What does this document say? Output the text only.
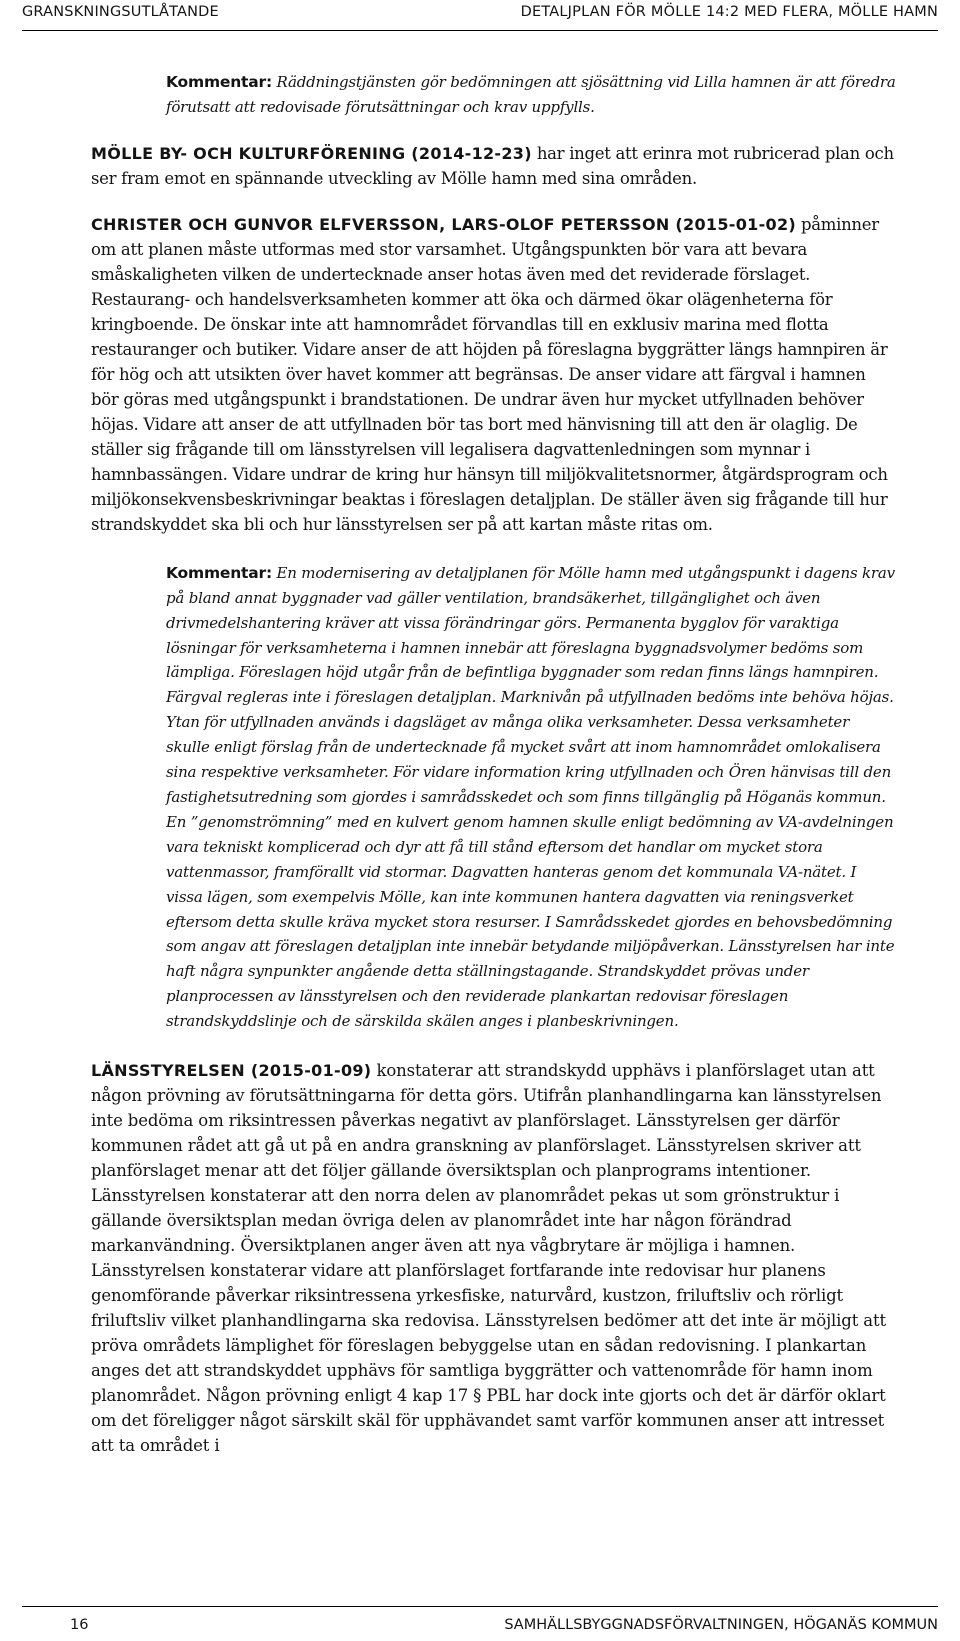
GRANSKNINGSUTLÅTANDE	DETALJPLAN FÖR MÖLLE 14:2 MED FLERA, MÖLLE HAMN
Kommentar: Räddningstjänsten gör bedömningen att sjösättning vid Lilla hamnen är att föredra förutsatt att redovisade förutsättningar och krav uppfylls.
MÖLLE BY- OCH KULTURFÖRENING (2014-12-23) har inget att erinra mot rubricerad plan och ser fram emot en spännande utveckling av Mölle hamn med sina områden.
CHRISTER OCH GUNVOR ELFVERSSON, LARS-OLOF PETERSSON (2015-01-02) påminner om att planen måste utformas med stor varsamhet. Utgångspunkten bör vara att bevara småskaligheten vilken de undertecknade anser hotas även med det reviderade förslaget. Restaurang- och handelsverksamheten kommer att öka och därmed ökar olägenheterna för kringboende. De önskar inte att hamnområdet förvandlas till en exklusiv marina med flotta restauranger och butiker. Vidare anser de att höjden på föreslagna byggrätter längs hamnpiren är för hög och att utsikten över havet kommer att begränsas. De anser vidare att färgval i hamnen bör göras med utgångspunkt i brandstationen. De undrar även hur mycket utfyllnaden behöver höjas. Vidare att anser de att utfyllnaden bör tas bort med hänvisning till att den är olaglig. De ställer sig frågande till om länsstyrelsen vill legalisera dagvattenledningen som mynnar i hamnbassängen. Vidare undrar de kring hur hänsyn till miljökvalitetsnormer, åtgärdsprogram och miljökonsekvensbeskrivningar beaktas i föreslagen detaljplan. De ställer även sig frågande till hur strandskyddet ska bli och hur länsstyrelsen ser på att kartan måste ritas om.
Kommentar: En modernisering av detaljplanen för Mölle hamn med utgångspunkt i dagens krav på bland annat byggnader vad gäller ventilation, brandsäkerhet, tillgänglighet och även drivmedelshantering kräver att vissa förändringar görs. Permanenta bygglov för varaktiga lösningar för verksamheterna i hamnen innebär att föreslagna byggnadsvolymer bedöms som lämpliga. Föreslagen höjd utgår från de befintliga byggnader som redan finns längs hamnpiren. Färgval regleras inte i föreslagen detaljplan. Marknivån på utfyllnaden bedöms inte behöva höjas. Ytan för utfyllnaden används i dagsläget av många olika verksamheter. Dessa verksamheter skulle enligt förslag från de undertecknade få mycket svårt att inom hamnområdet omlokalisera sina respektive verksamheter. För vidare information kring utfyllnaden och Ören hänvisas till den fastighetsutredning som gjordes i samrådsskedet och som finns tillgänglig på Höganäs kommun. En ”genomströmning” med en kulvert genom hamnen skulle enligt bedömning av VA-avdelningen vara tekniskt komplicerad och dyr att få till stånd eftersom det handlar om mycket stora vattenmassor, framförallt vid stormar. Dagvatten hanteras genom det kommunala VA-nätet. I vissa lägen, som exempelvis Mölle, kan inte kommunen hantera dagvatten via reningsverket eftersom detta skulle kräva mycket stora resurser. I Samrådsskedet gjordes en behovsbedömning som angav att föreslagen detaljplan inte innebär betydande miljöpåverkan. Länsstyrelsen har inte haft några synpunkter angående detta ställningstagande. Strandskyddet prövas under planprocessen av länsstyrelsen och den reviderade plankartan redovisar föreslagen strandskyddslinje och de särskilda skälen anges i planbeskrivningen.
LÄNSSTYRELSEN (2015-01-09) konstaterar att strandskydd upphävs i planförslaget utan att någon prövning av förutsättningarna för detta görs. Utifrån planhandlingarna kan länsstyrelsen inte bedöma om riksintressen påverkas negativt av planförslaget. Länsstyrelsen ger därför kommunen rådet att gå ut på en andra granskning av planförslaget. Länsstyrelsen skriver att planförslaget menar att det följer gällande översiktsplan och planprograms intentioner. Länsstyrelsen konstaterar att den norra delen av planområdet pekas ut som grönstruktur i gällande översiktsplan medan övriga delen av planområdet inte har någon förändrad markanvändning. Översiktplanen anger även att nya vågbrytare är möjliga i hamnen. Länsstyrelsen konstaterar vidare att planförslaget fortfarande inte redovisar hur planens genomförande påverkar riksintressena yrkesfiske, naturvård, kustzon, friluftsliv och rörligt friluftsliv vilket planhandlingarna ska redovisa. Länsstyrelsen bedömer att det inte är möjligt att pröva områdets lämplighet för föreslagen bebyggelse utan en sådan redovisning. I plankartan anges det att strandskyddet upphävs för samtliga byggrätter och vattenområde för hamn inom planområdet. Någon prövning enligt 4 kap 17 § PBL har dock inte gjorts och det är därför oklart om det föreligger något särskilt skäl för upphävandet samt varför kommunen anser att intresset att ta området i
16	SAMHÄLLSBYGGNADSFÖRVALTNINGEN, HÖGANÄS KOMMUN
